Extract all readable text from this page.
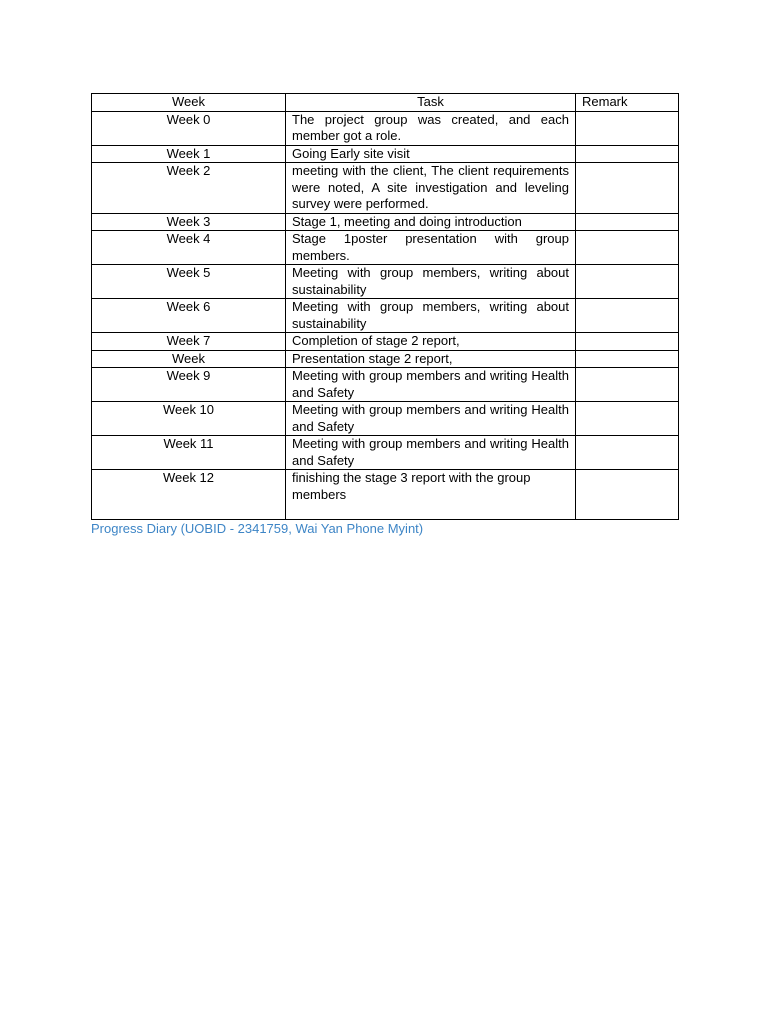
Week	Task	Remark
Week 0	The project group was created, and each member got a role.	
Week 1	Going Early site visit	
Week 2	meeting with the client, The client requirements were noted, A site investigation and leveling survey were performed.	
Week 3	Stage 1, meeting and doing introduction	
Week 4	Stage 1poster presentation with group members.	
Week 5	Meeting with group members, writing about sustainability	
Week 6	Meeting with group members, writing about sustainability	
Week 7	Completion of stage 2 report,	
Week	Presentation stage 2 report,	
Week 9	Meeting with group members and writing Health and Safety	
Week 10	Meeting with group members and writing Health and Safety	
Week 11	Meeting with group members and writing Health and Safety	
Week 12	finishing the stage 3 report with the group members	
Progress Diary (UOBID - 2341759, Wai Yan Phone Myint)
